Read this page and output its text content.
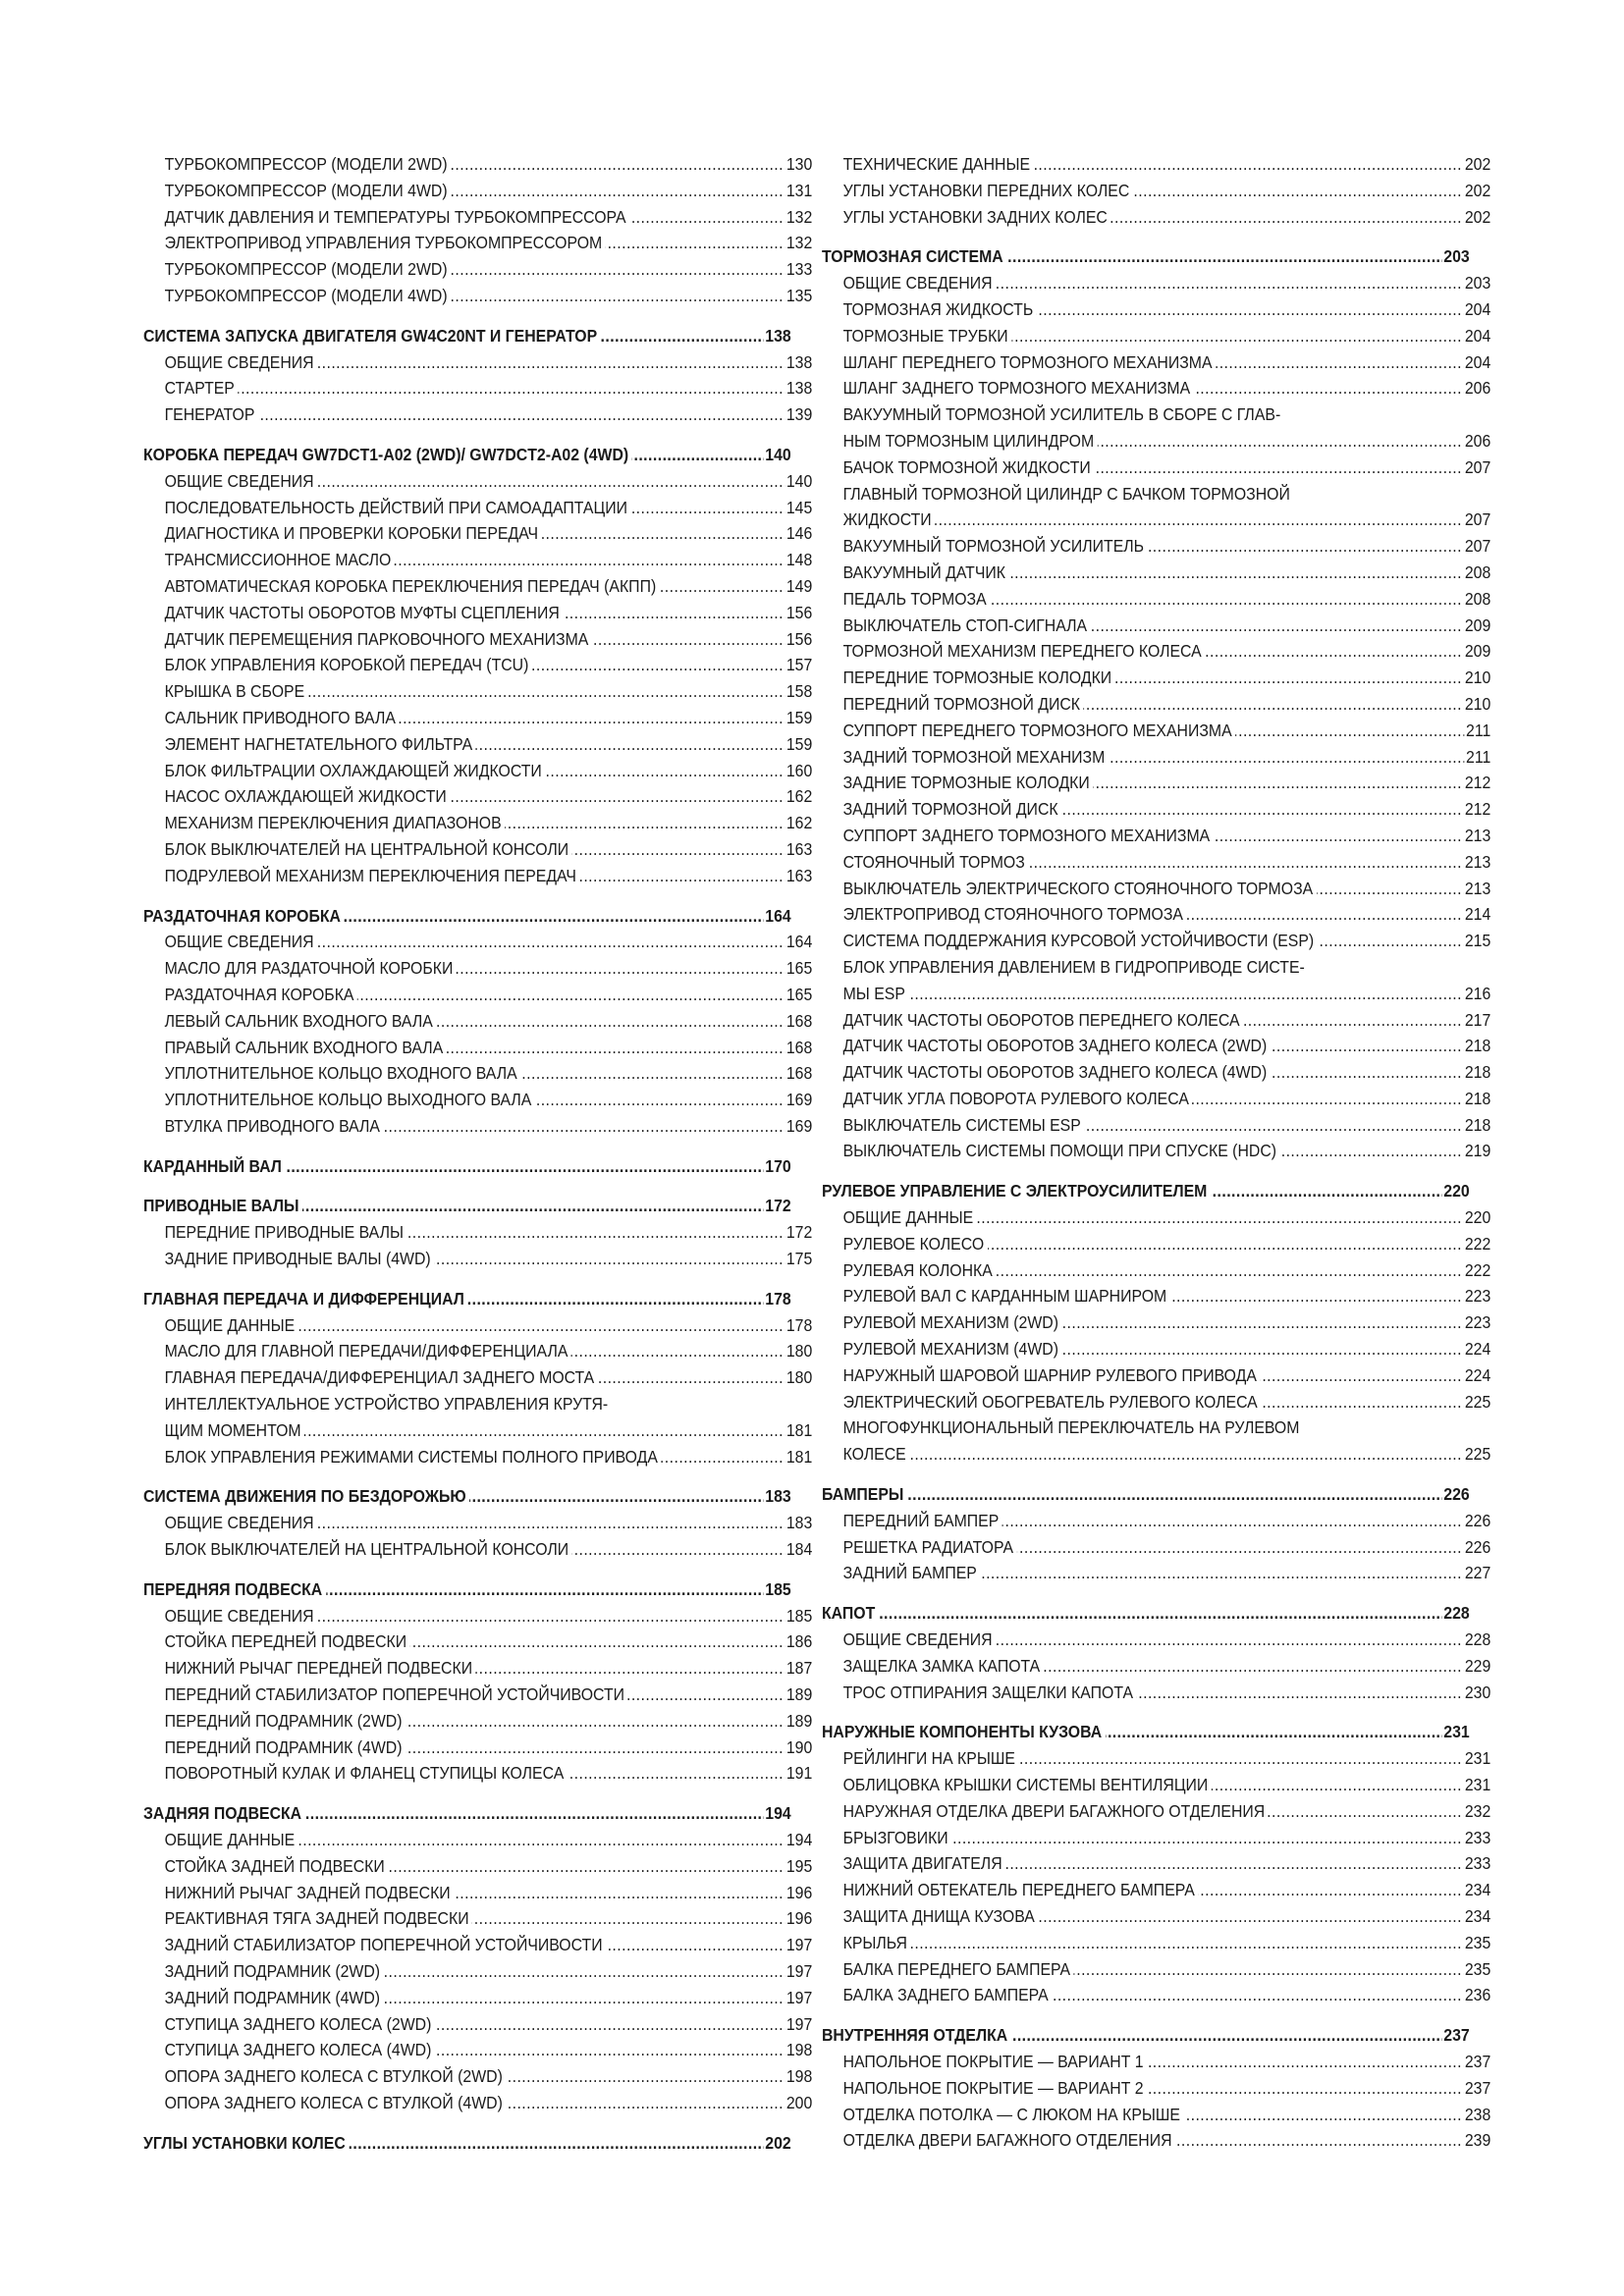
.....
ТУРБОКОМПРЕССОР (МОДЕЛИ 2WD)	130
.....
ТУРБОКОМПРЕССОР (МОДЕЛИ 4WD)	131
.....
ДАТЧИК ДАВЛЕНИЯ И ТЕМПЕРАТУРЫ ТУРБОКОМПРЕССОРА	132
.....
ЭЛЕКТРОПРИВОД УПРАВЛЕНИЯ ТУРБОКОМПРЕССОРОМ	132
.....
ТУРБОКОМПРЕССОР (МОДЕЛИ 2WD)	133
.....
ТУРБОКОМПРЕССОР (МОДЕЛИ 4WD)	135
.....
СИСТЕМА ЗАПУСКА ДВИГАТЕЛЯ GW4C20NT И ГЕНЕРАТОР	138
.....
ОБЩИЕ СВЕДЕНИЯ	138
.....
СТАРТЕР	138
.....
ГЕНЕРАТОР	139
.....
КОРОБКА ПЕРЕДАЧ GW7DCT1-A02 (2WD)/ GW7DCT2-A02 (4WD)	140
.....
ОБЩИЕ СВЕДЕНИЯ	140
.....
ПОСЛЕДОВАТЕЛЬНОСТЬ ДЕЙСТВИЙ ПРИ САМОАДАПТАЦИИ	145
.....
ДИАГНОСТИКА И ПРОВЕРКИ КОРОБКИ ПЕРЕДАЧ	146
.....
ТРАНСМИССИОННОЕ МАСЛО	148
.....
АВТОМАТИЧЕСКАЯ КОРОБКА ПЕРЕКЛЮЧЕНИЯ ПЕРЕДАЧ (АКПП)	149
.....
ДАТЧИК ЧАСТОТЫ ОБОРОТОВ МУФТЫ СЦЕПЛЕНИЯ	156
.....
ДАТЧИК ПЕРЕМЕЩЕНИЯ ПАРКОВОЧНОГО МЕХАНИЗМА	156
.....
БЛОК УПРАВЛЕНИЯ КОРОБКОЙ ПЕРЕДАЧ (TCU)	157
.....
КРЫШКА В СБОРЕ	158
.....
САЛЬНИК ПРИВОДНОГО ВАЛА	159
.....
ЭЛЕМЕНТ НАГНЕТАТЕЛЬНОГО ФИЛЬТРА	159
.....
БЛОК ФИЛЬТРАЦИИ ОХЛАЖДАЮЩЕЙ ЖИДКОСТИ	160
.....
НАСОС ОХЛАЖДАЮЩЕЙ ЖИДКОСТИ	162
.....
МЕХАНИЗМ ПЕРЕКЛЮЧЕНИЯ ДИАПАЗОНОВ	162
.....
БЛОК ВЫКЛЮЧАТЕЛЕЙ НА ЦЕНТРАЛЬНОЙ КОНСОЛИ	163
.....
ПОДРУЛЕВОЙ МЕХАНИЗМ ПЕРЕКЛЮЧЕНИЯ ПЕРЕДАЧ	163
.....
РАЗДАТОЧНАЯ КОРОБКА	164
.....
ОБЩИЕ СВЕДЕНИЯ	164
.....
МАСЛО ДЛЯ РАЗДАТОЧНОЙ КОРОБКИ	165
.....
РАЗДАТОЧНАЯ КОРОБКА	165
.....
ЛЕВЫЙ САЛЬНИК ВХОДНОГО ВАЛА	168
.....
ПРАВЫЙ САЛЬНИК ВХОДНОГО ВАЛА	168
.....
УПЛОТНИТЕЛЬНОЕ КОЛЬЦО ВХОДНОГО ВАЛА	168
.....
УПЛОТНИТЕЛЬНОЕ КОЛЬЦО ВЫХОДНОГО ВАЛА	169
.....
ВТУЛКА ПРИВОДНОГО ВАЛА	169
.....
КАРДАННЫЙ ВАЛ	170
.....
ПРИВОДНЫЕ ВАЛЫ	172
.....
ПЕРЕДНИЕ ПРИВОДНЫЕ ВАЛЫ	172
.....
ЗАДНИЕ ПРИВОДНЫЕ ВАЛЫ (4WD)	175
.....
ГЛАВНАЯ ПЕРЕДАЧА И ДИФФЕРЕНЦИАЛ	178
.....
ОБЩИЕ ДАННЫЕ	178
.....
МАСЛО ДЛЯ ГЛАВНОЙ ПЕРЕДАЧИ/ДИФФЕРЕНЦИАЛА	180
.....
ГЛАВНАЯ ПЕРЕДАЧА/ДИФФЕРЕНЦИАЛ ЗАДНЕГО МОСТА	180
ИНТЕЛЛЕКТУАЛЬНОЕ УСТРОЙСТВО УПРАВЛЕНИЯ КРУТЯ-
.....
ЩИМ МОМЕНТОМ	181
.....
БЛОК УПРАВЛЕНИЯ РЕЖИМАМИ СИСТЕМЫ ПОЛНОГО ПРИВОДА	181
.....
СИСТЕМА ДВИЖЕНИЯ ПО БЕЗДОРОЖЬЮ	183
.....
ОБЩИЕ СВЕДЕНИЯ	183
.....
БЛОК ВЫКЛЮЧАТЕЛЕЙ НА ЦЕНТРАЛЬНОЙ КОНСОЛИ	184
.....
ПЕРЕДНЯЯ ПОДВЕСКА	185
.....
ОБЩИЕ СВЕДЕНИЯ	185
.....
СТОЙКА ПЕРЕДНЕЙ ПОДВЕСКИ	186
.....
НИЖНИЙ РЫЧАГ ПЕРЕДНЕЙ ПОДВЕСКИ	187
.....
ПЕРЕДНИЙ СТАБИЛИЗАТОР ПОПЕРЕЧНОЙ УСТОЙЧИВОСТИ	189
.....
ПЕРЕДНИЙ ПОДРАМНИК (2WD)	189
.....
ПЕРЕДНИЙ ПОДРАМНИК (4WD)	190
.....
ПОВОРОТНЫЙ КУЛАК И ФЛАНЕЦ СТУПИЦЫ КОЛЕСА	191
.....
ЗАДНЯЯ ПОДВЕСКА	194
.....
ОБЩИЕ ДАННЫЕ	194
.....
СТОЙКА ЗАДНЕЙ ПОДВЕСКИ	195
.....
НИЖНИЙ РЫЧАГ ЗАДНЕЙ ПОДВЕСКИ	196
.....
РЕАКТИВНАЯ ТЯГА ЗАДНЕЙ ПОДВЕСКИ	196
.....
ЗАДНИЙ СТАБИЛИЗАТОР ПОПЕРЕЧНОЙ УСТОЙЧИВОСТИ	197
.....
ЗАДНИЙ ПОДРАМНИК (2WD)	197
.....
ЗАДНИЙ ПОДРАМНИК (4WD)	197
.....
СТУПИЦА ЗАДНЕГО КОЛЕСА (2WD)	197
.....
СТУПИЦА ЗАДНЕГО КОЛЕСА (4WD)	198
.....
ОПОРА ЗАДНЕГО КОЛЕСА С ВТУЛКОЙ (2WD)	198
.....
ОПОРА ЗАДНЕГО КОЛЕСА С ВТУЛКОЙ (4WD)	200
.....
УГЛЫ УСТАНОВКИ КОЛЕС	202
.....
ТЕХНИЧЕСКИЕ ДАННЫЕ	202
.....
УГЛЫ УСТАНОВКИ ПЕРЕДНИХ КОЛЕС	202
.....
УГЛЫ УСТАНОВКИ ЗАДНИХ КОЛЕС	202
.....
ТОРМОЗНАЯ СИСТЕМА	203
.....
ОБЩИЕ СВЕДЕНИЯ	203
.....
ТОРМОЗНАЯ ЖИДКОСТЬ	204
.....
ТОРМОЗНЫЕ ТРУБКИ	204
.....
ШЛАНГ ПЕРЕДНЕГО ТОРМОЗНОГО МЕХАНИЗМА	204
.....
ШЛАНГ ЗАДНЕГО ТОРМОЗНОГО МЕХАНИЗМА	206
ВАКУУМНЫЙ ТОРМОЗНОЙ УСИЛИТЕЛЬ В СБОРЕ С ГЛАВ-
.....
НЫМ ТОРМОЗНЫМ ЦИЛИНДРОМ	206
.....
БАЧОК ТОРМОЗНОЙ ЖИДКОСТИ	207
ГЛАВНЫЙ ТОРМОЗНОЙ ЦИЛИНДР С БАЧКОМ ТОРМОЗНОЙ
.....
ЖИДКОСТИ	207
.....
ВАКУУМНЫЙ ТОРМОЗНОЙ УСИЛИТЕЛЬ	207
.....
ВАКУУМНЫЙ ДАТЧИК	208
.....
ПЕДАЛЬ ТОРМОЗА	208
.....
ВЫКЛЮЧАТЕЛЬ СТОП-СИГНАЛА	209
.....
ТОРМОЗНОЙ МЕХАНИЗМ ПЕРЕДНЕГО КОЛЕСА	209
.....
ПЕРЕДНИЕ ТОРМОЗНЫЕ КОЛОДКИ	210
.....
ПЕРЕДНИЙ ТОРМОЗНОЙ ДИСК	210
.....
СУППОРТ ПЕРЕДНЕГО ТОРМОЗНОГО МЕХАНИЗМА	211
.....
ЗАДНИЙ ТОРМОЗНОЙ МЕХАНИЗМ	211
.....
ЗАДНИЕ ТОРМОЗНЫЕ КОЛОДКИ	212
.....
ЗАДНИЙ ТОРМОЗНОЙ ДИСК	212
.....
СУППОРТ ЗАДНЕГО ТОРМОЗНОГО МЕХАНИЗМА	213
.....
СТОЯНОЧНЫЙ ТОРМОЗ	213
.....
ВЫКЛЮЧАТЕЛЬ ЭЛЕКТРИЧЕСКОГО СТОЯНОЧНОГО ТОРМОЗА	213
.....
ЭЛЕКТРОПРИВОД СТОЯНОЧНОГО ТОРМОЗА	214
.....
СИСТЕМА ПОДДЕРЖАНИЯ КУРСОВОЙ УСТОЙЧИВОСТИ (ESP)	215
БЛОК УПРАВЛЕНИЯ ДАВЛЕНИЕМ В ГИДРОПРИВОДЕ СИСТЕ-
.....
МЫ ESP	216
.....
ДАТЧИК ЧАСТОТЫ ОБОРОТОВ ПЕРЕДНЕГО КОЛЕСА	217
.....
ДАТЧИК ЧАСТОТЫ ОБОРОТОВ ЗАДНЕГО КОЛЕСА (2WD)	218
.....
ДАТЧИК ЧАСТОТЫ ОБОРОТОВ ЗАДНЕГО КОЛЕСА (4WD)	218
.....
ДАТЧИК УГЛА ПОВОРОТА РУЛЕВОГО КОЛЕСА	218
.....
ВЫКЛЮЧАТЕЛЬ СИСТЕМЫ ESP	218
.....
ВЫКЛЮЧАТЕЛЬ СИСТЕМЫ ПОМОЩИ ПРИ СПУСКЕ (HDC)	219
.....
РУЛЕВОЕ УПРАВЛЕНИЕ С ЭЛЕКТРОУСИЛИТЕЛЕМ	220
.....
ОБЩИЕ ДАННЫЕ	220
.....
РУЛЕВОЕ КОЛЕСО	222
.....
РУЛЕВАЯ КОЛОНКА	222
.....
РУЛЕВОЙ ВАЛ С КАРДАННЫМ ШАРНИРОМ	223
.....
РУЛЕВОЙ МЕХАНИЗМ (2WD)	223
.....
РУЛЕВОЙ МЕХАНИЗМ (4WD)	224
.....
НАРУЖНЫЙ ШАРОВОЙ ШАРНИР РУЛЕВОГО ПРИВОДА	224
.....
ЭЛЕКТРИЧЕСКИЙ ОБОГРЕВАТЕЛЬ РУЛЕВОГО КОЛЕСА	225
МНОГОФУНКЦИОНАЛЬНЫЙ ПЕРЕКЛЮЧАТЕЛЬ НА РУЛЕВОМ
.....
КОЛЕСЕ	225
.....
БАМПЕРЫ	226
.....
ПЕРЕДНИЙ БАМПЕР	226
.....
РЕШЕТКА РАДИАТОРА	226
.....
ЗАДНИЙ БАМПЕР	227
.....
КАПОТ	228
.....
ОБЩИЕ СВЕДЕНИЯ	228
.....
ЗАЩЕЛКА ЗАМКА КАПОТА	229
.....
ТРОС ОТПИРАНИЯ ЗАЩЕЛКИ КАПОТА	230
.....
НАРУЖНЫЕ КОМПОНЕНТЫ КУЗОВА	231
.....
РЕЙЛИНГИ НА КРЫШЕ	231
.....
ОБЛИЦОВКА КРЫШКИ СИСТЕМЫ ВЕНТИЛЯЦИИ	231
.....
НАРУЖНАЯ ОТДЕЛКА ДВЕРИ БАГАЖНОГО ОТДЕЛЕНИЯ	232
.....
БРЫЗГОВИКИ	233
.....
ЗАЩИТА ДВИГАТЕЛЯ	233
.....
НИЖНИЙ ОБТЕКАТЕЛЬ ПЕРЕДНЕГО БАМПЕРА	234
.....
ЗАЩИТА ДНИЩА КУЗОВА	234
.....
КРЫЛЬЯ	235
.....
БАЛКА ПЕРЕДНЕГО БАМПЕРА	235
.....
БАЛКА ЗАДНЕГО БАМПЕРА	236
.....
ВНУТРЕННЯЯ ОТДЕЛКА	237
.....
НАПОЛЬНОЕ ПОКРЫТИЕ — ВАРИАНТ 1	237
.....
НАПОЛЬНОЕ ПОКРЫТИЕ — ВАРИАНТ 2	237
.....
ОТДЕЛКА ПОТОЛКА — С ЛЮКОМ НА КРЫШЕ	238
.....
ОТДЕЛКА ДВЕРИ БАГАЖНОГО ОТДЕЛЕНИЯ	239
